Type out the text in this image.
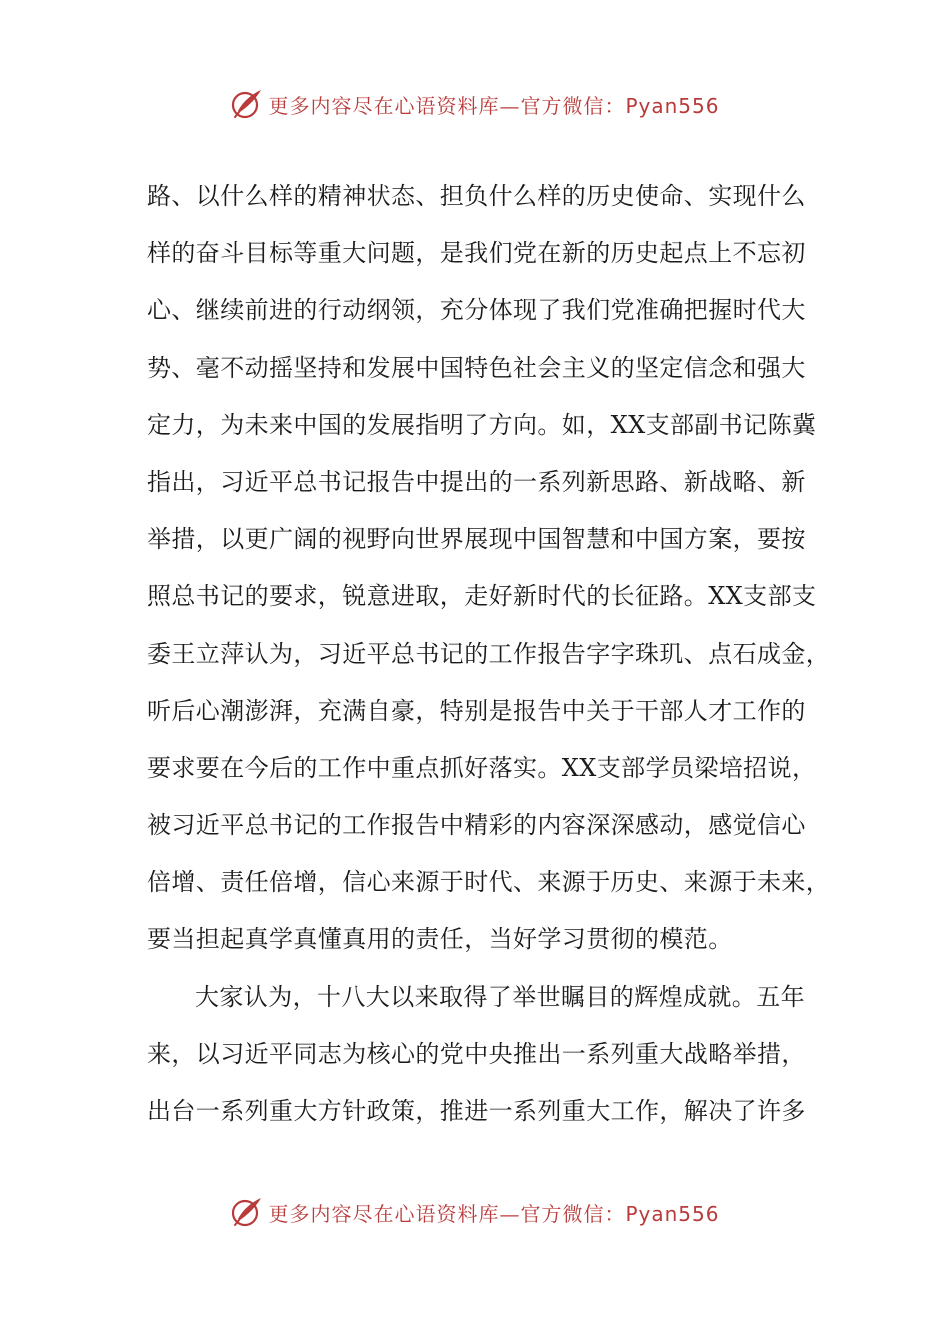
更多内容尽在心语资料库—官方微信：Pyan556
路、以什么样的精神状态、担负什么样的历史使命、实现什么
样的奋斗目标等重大问题，是我们党在新的历史起点上不忘初
心、继续前进的行动纲领，充分体现了我们党准确把握时代大
势、毫不动摇坚持和发展中国特色社会主义的坚定信念和强大
定力，为未来中国的发展指明了方向。如，XX支部副书记陈冀
指出，习近平总书记报告中提出的一系列新思路、新战略、新
举措，以更广阔的视野向世界展现中国智慧和中国方案，要按
照总书记的要求，锐意进取，走好新时代的长征路。XX支部支
委王立萍认为，习近平总书记的工作报告字字珠玑、点石成金，
听后心潮澎湃，充满自豪，特别是报告中关于干部人才工作的
要求要在今后的工作中重点抓好落实。XX支部学员梁培招说，
被习近平总书记的工作报告中精彩的内容深深感动，感觉信心
倍增、责任倍增，信心来源于时代、来源于历史、来源于未来，
要当担起真学真懂真用的责任，当好学习贯彻的模范。
大家认为，十八大以来取得了举世瞩目的辉煌成就。五年
来，以习近平同志为核心的党中央推出一系列重大战略举措，
出台一系列重大方针政策，推进一系列重大工作，解决了许多
更多内容尽在心语资料库—官方微信：Pyan556
